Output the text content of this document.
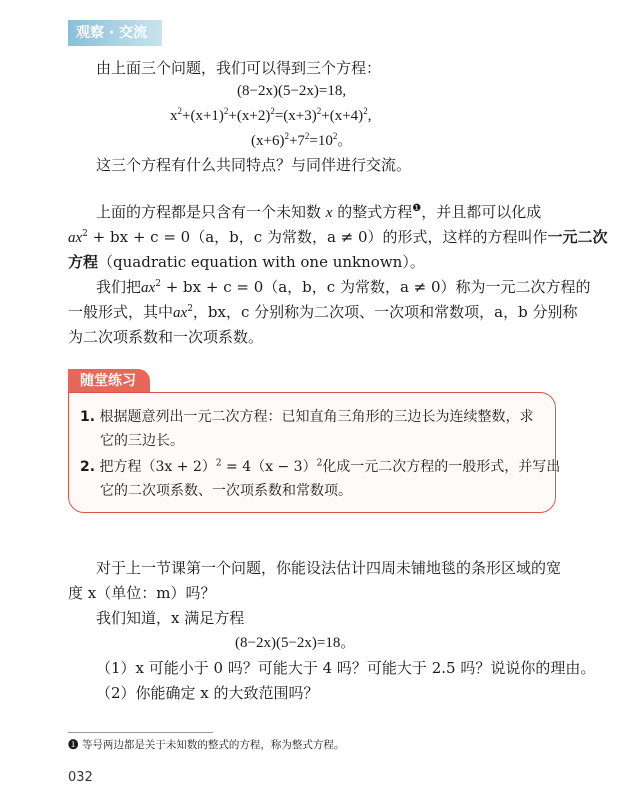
观察 · 交流
由上面三个问题，我们可以得到三个方程：
(8−2x)(5−2x)=18,
$x^2+(x+1)^2+(x+2)^2=(x+3)^2+(x+4)^2$,
$(x+6)^2+7^2=10^2$。
这三个方程有什么共同特点？与同伴进行交流。
上面的方程都是只含有一个未知数 x 的整式方程$^❶$，并且都可以化成
$ax^2$ + bx + c = 0（a，b，c 为常数，a ≠ 0）的形式，这样的方程叫作一元二次
方程（quadratic equation with one unknown）。
我们把$ax^2$ + bx + c = 0（a，b，c 为常数，a ≠ 0）称为一元二次方程的
一般形式，其中$ax^2$，bx，c 分别称为二次项、一次项和常数项，a，b 分别称
为二次项系数和一次项系数。
随堂练习
1. 根据题意列出一元二次方程：已知直角三角形的三边长为连续整数，求
它的三边长。
2. 把方程$(3x + 2)^2 = 4(x - 3)^2$化成一元二次方程的一般形式，并写出
它的二次项系数、一次项系数和常数项。
对于上一节课第一个问题，你能设法估计四周未铺地毯的条形区域的宽
度 x（单位：m）吗？
我们知道，x 满足方程
(8−2x)(5−2x)=18。
（1）x 可能小于 0 吗？可能大于 4 吗？可能大于 2.5 吗？说说你的理由。
（2）你能确定 x 的大致范围吗？
❶ 等号两边都是关于未知数的整式的方程，称为整式方程。
032
